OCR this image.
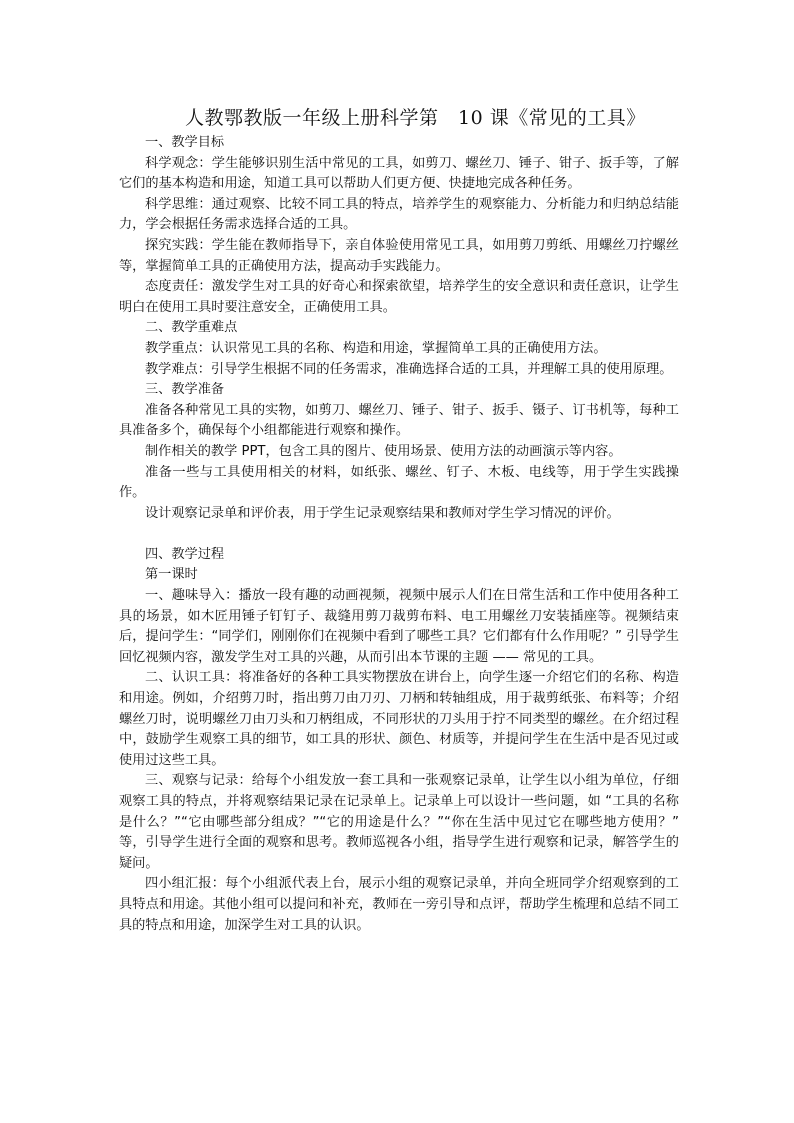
人教鄂教版一年级上册科学第　10 课《常见的工具》

一、教学目标

科学观念：学生能够识别生活中常见的工具，如剪刀、螺丝刀、锤子、钳子、扳手等，了解它们的基本构造和用途，知道工具可以帮助人们更方便、快捷地完成各种任务。

科学思维：通过观察、比较不同工具的特点，培养学生的观察能力、分析能力和归纳总结能力，学会根据任务需求选择合适的工具。

探究实践：学生能在教师指导下，亲自体验使用常见工具，如用剪刀剪纸、用螺丝刀拧螺丝等，掌握简单工具的正确使用方法，提高动手实践能力。

态度责任：激发学生对工具的好奇心和探索欲望，培养学生的安全意识和责任意识，让学生明白在使用工具时要注意安全，正确使用工具。

二、教学重难点

教学重点：认识常见工具的名称、构造和用途，掌握简单工具的正确使用方法。

教学难点：引导学生根据不同的任务需求，准确选择合适的工具，并理解工具的使用原理。

三、教学准备

准备各种常见工具的实物，如剪刀、螺丝刀、锤子、钳子、扳手、镊子、订书机等，每种工具准备多个，确保每个小组都能进行观察和操作。

制作相关的教学 PPT，包含工具的图片、使用场景、使用方法的动画演示等内容。

准备一些与工具使用相关的材料，如纸张、螺丝、钉子、木板、电线等，用于学生实践操作。

设计观察记录单和评价表，用于学生记录观察结果和教师对学生学习情况的评价。

四、教学过程

第一课时

一、趣味导入：播放一段有趣的动画视频，视频中展示人们在日常生活和工作中使用各种工具的场景，如木匠用锤子钉钉子、裁缝用剪刀裁剪布料、电工用螺丝刀安装插座等。视频结束后，提问学生：“同学们，刚刚你们在视频中看到了哪些工具？它们都有什么作用呢？” 引导学生回忆视频内容，激发学生对工具的兴趣，从而引出本节课的主题 —— 常见的工具。

二、认识工具：将准备好的各种工具实物摆放在讲台上，向学生逐一介绍它们的名称、构造和用途。例如，介绍剪刀时，指出剪刀由刀刃、刀柄和转轴组成，用于裁剪纸张、布料等；介绍螺丝刀时，说明螺丝刀由刀头和刀柄组成，不同形状的刀头用于拧不同类型的螺丝。在介绍过程中，鼓励学生观察工具的细节，如工具的形状、颜色、材质等，并提问学生在生活中是否见过或使用过这些工具。

三、观察与记录：给每个小组发放一套工具和一张观察记录单，让学生以小组为单位，仔细观察工具的特点，并将观察结果记录在记录单上。记录单上可以设计一些问题，如 “工具的名称是什么？”“它由哪些部分组成？”“它的用途是什么？”“你在生活中见过它在哪些地方使用？” 等，引导学生进行全面的观察和思考。教师巡视各小组，指导学生进行观察和记录，解答学生的疑问。

四小组汇报：每个小组派代表上台，展示小组的观察记录单，并向全班同学介绍观察到的工具特点和用途。其他小组可以提问和补充，教师在一旁引导和点评，帮助学生梳理和总结不同工具的特点和用途，加深学生对工具的认识。
